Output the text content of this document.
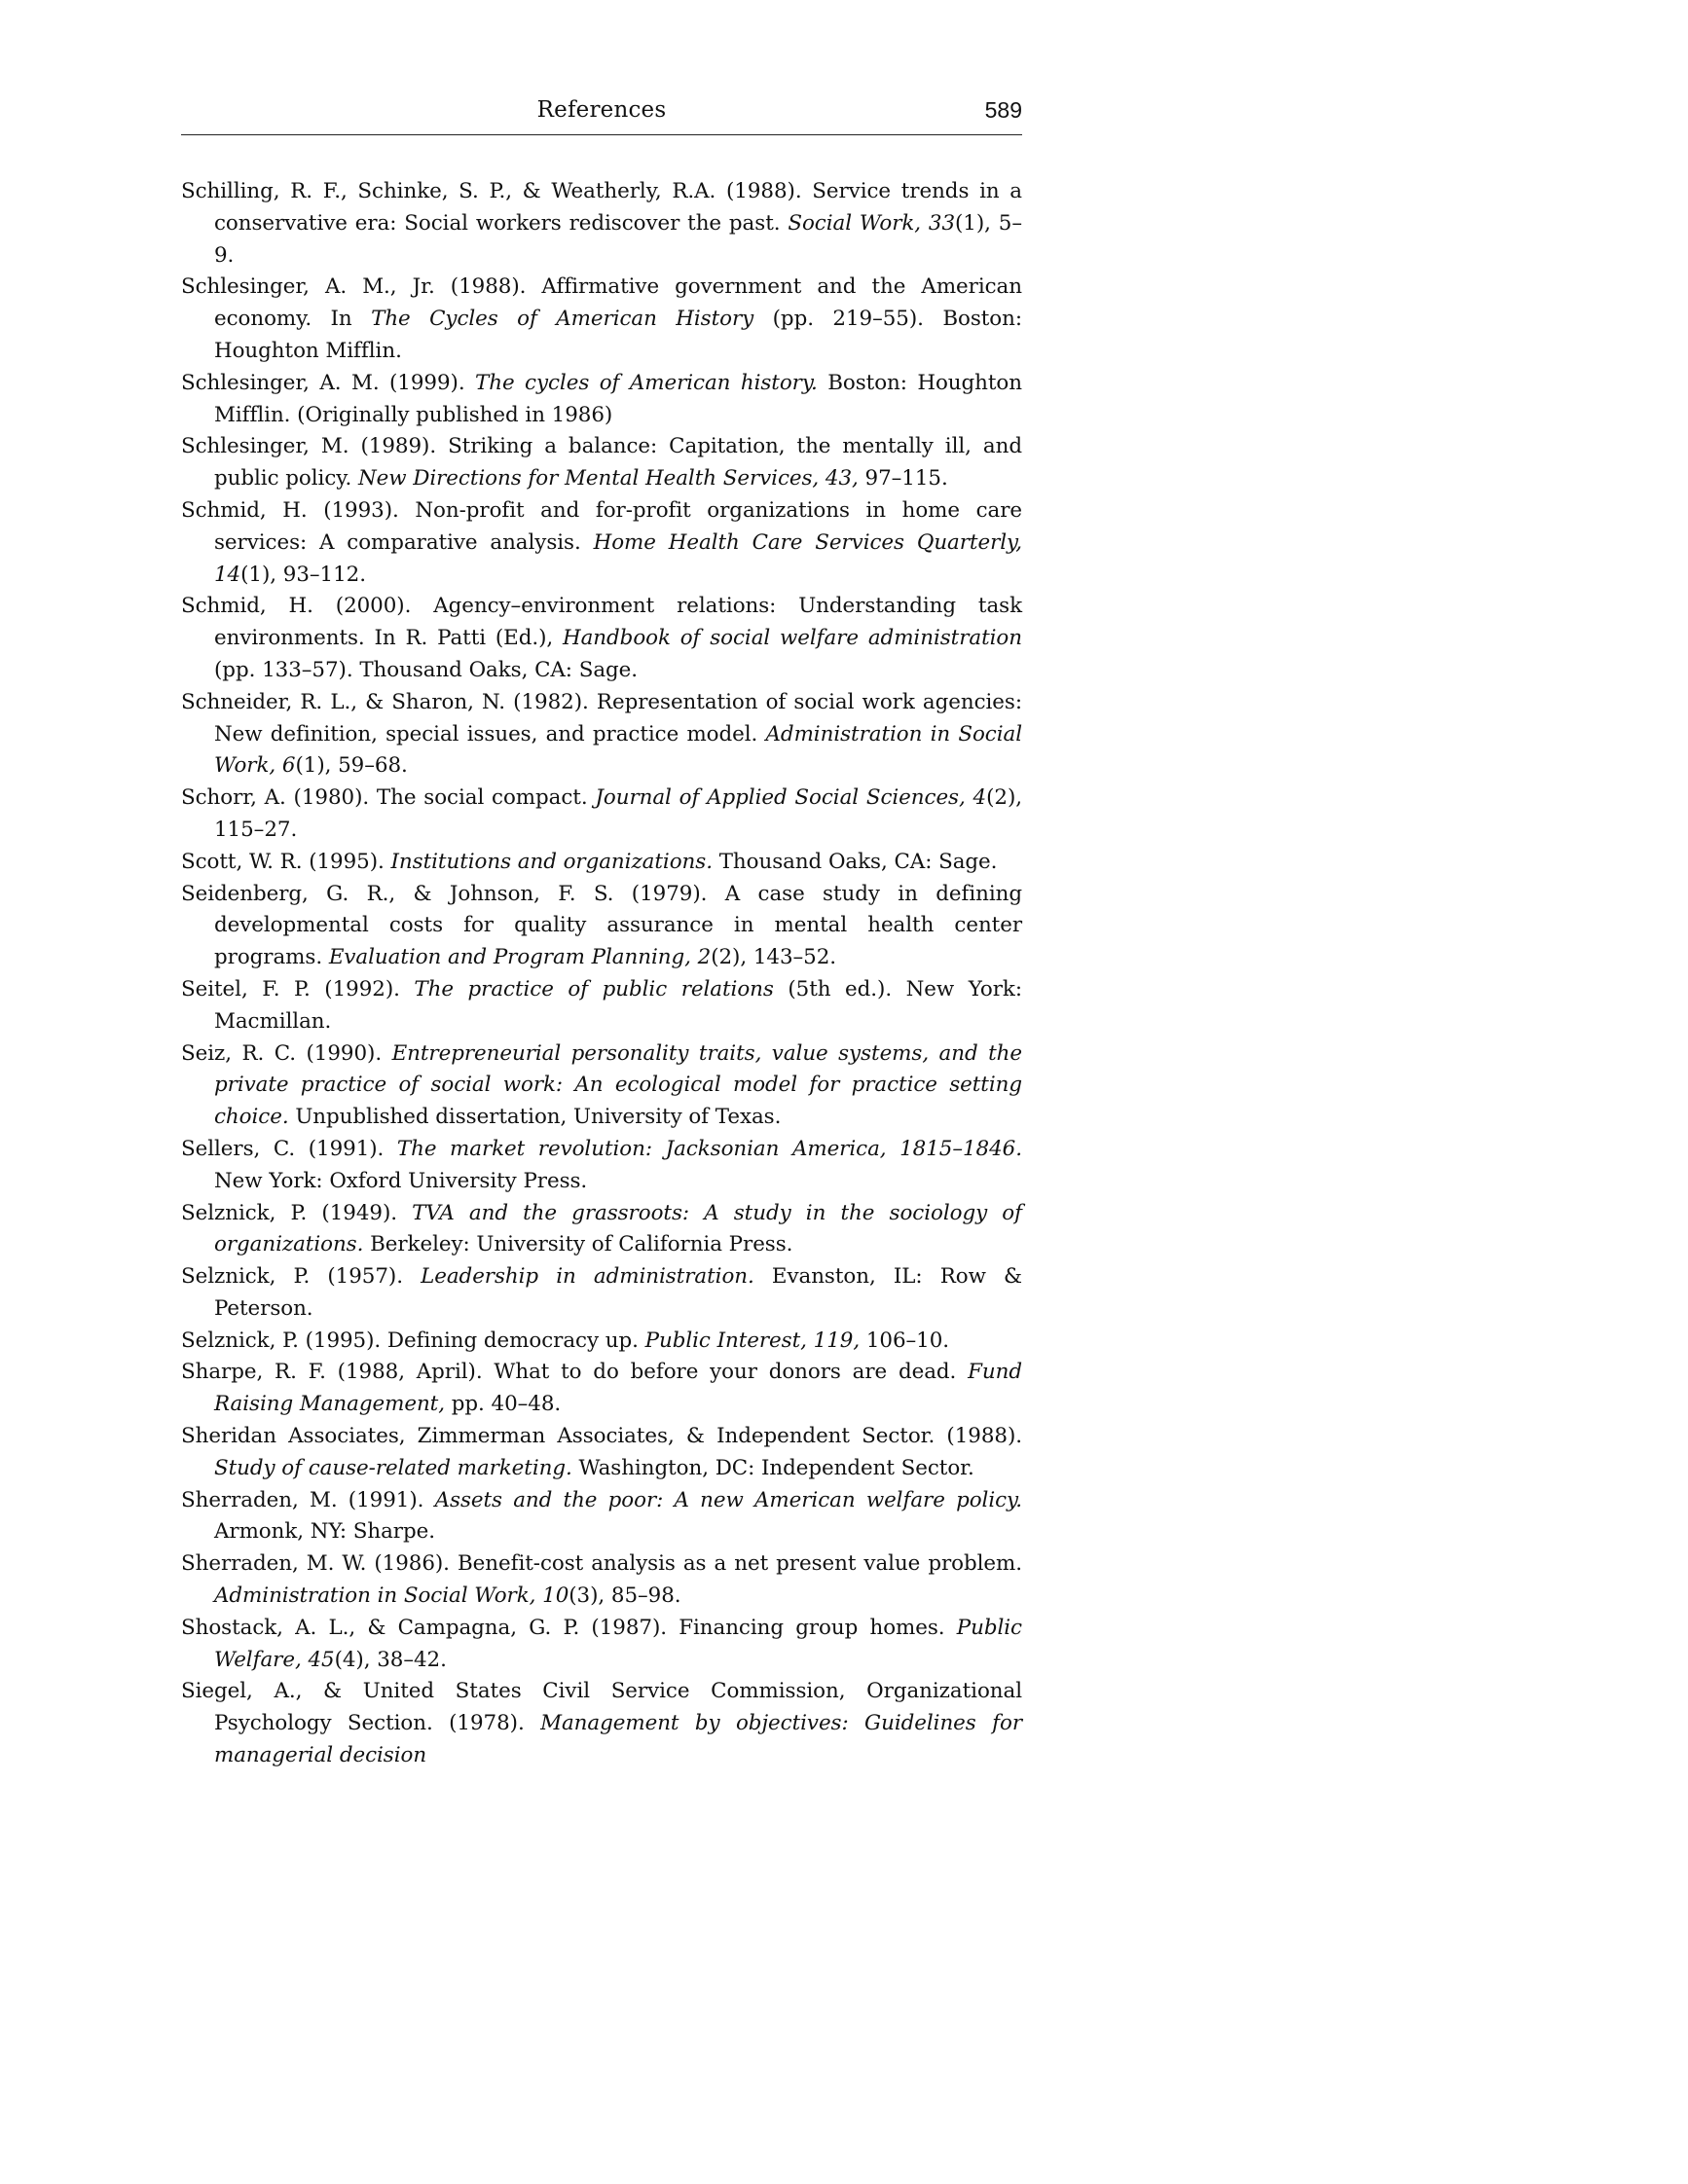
References	589

Schilling, R. F., Schinke, S. P., & Weatherly, R.A. (1988). Service trends in a conservative era: Social workers rediscover the past. Social Work, 33(1), 5–9.

Schlesinger, A. M., Jr. (1988). Affirmative government and the American economy. In The Cycles of American History (pp. 219–55). Boston: Houghton Mifflin.

Schlesinger, A. M. (1999). The cycles of American history. Boston: Houghton Mifflin. (Originally published in 1986)

Schlesinger, M. (1989). Striking a balance: Capitation, the mentally ill, and public policy. New Directions for Mental Health Services, 43, 97–115.

Schmid, H. (1993). Non-profit and for-profit organizations in home care services: A comparative analysis. Home Health Care Services Quarterly, 14(1), 93–112.

Schmid, H. (2000). Agency–environment relations: Understanding task environments. In R. Patti (Ed.), Handbook of social welfare administration (pp. 133–57). Thousand Oaks, CA: Sage.

Schneider, R. L., & Sharon, N. (1982). Representation of social work agencies: New definition, special issues, and practice model. Administration in Social Work, 6(1), 59–68.

Schorr, A. (1980). The social compact. Journal of Applied Social Sciences, 4(2), 115–27.

Scott, W. R. (1995). Institutions and organizations. Thousand Oaks, CA: Sage.

Seidenberg, G. R., & Johnson, F. S. (1979). A case study in defining developmental costs for quality assurance in mental health center programs. Evaluation and Program Planning, 2(2), 143–52.

Seitel, F. P. (1992). The practice of public relations (5th ed.). New York: Macmillan.

Seiz, R. C. (1990). Entrepreneurial personality traits, value systems, and the private practice of social work: An ecological model for practice setting choice. Unpublished dissertation, University of Texas.

Sellers, C. (1991). The market revolution: Jacksonian America, 1815–1846. New York: Oxford University Press.

Selznick, P. (1949). TVA and the grassroots: A study in the sociology of organizations. Berkeley: University of California Press.

Selznick, P. (1957). Leadership in administration. Evanston, IL: Row & Peterson.

Selznick, P. (1995). Defining democracy up. Public Interest, 119, 106–10.

Sharpe, R. F. (1988, April). What to do before your donors are dead. Fund Raising Management, pp. 40–48.

Sheridan Associates, Zimmerman Associates, & Independent Sector. (1988). Study of cause-related marketing. Washington, DC: Independent Sector.

Sherraden, M. (1991). Assets and the poor: A new American welfare policy. Armonk, NY: Sharpe.

Sherraden, M. W. (1986). Benefit-cost analysis as a net present value problem. Administration in Social Work, 10(3), 85–98.

Shostack, A. L., & Campagna, G. P. (1987). Financing group homes. Public Welfare, 45(4), 38–42.

Siegel, A., & United States Civil Service Commission, Organizational Psychology Section. (1978). Management by objectives: Guidelines for managerial decision
